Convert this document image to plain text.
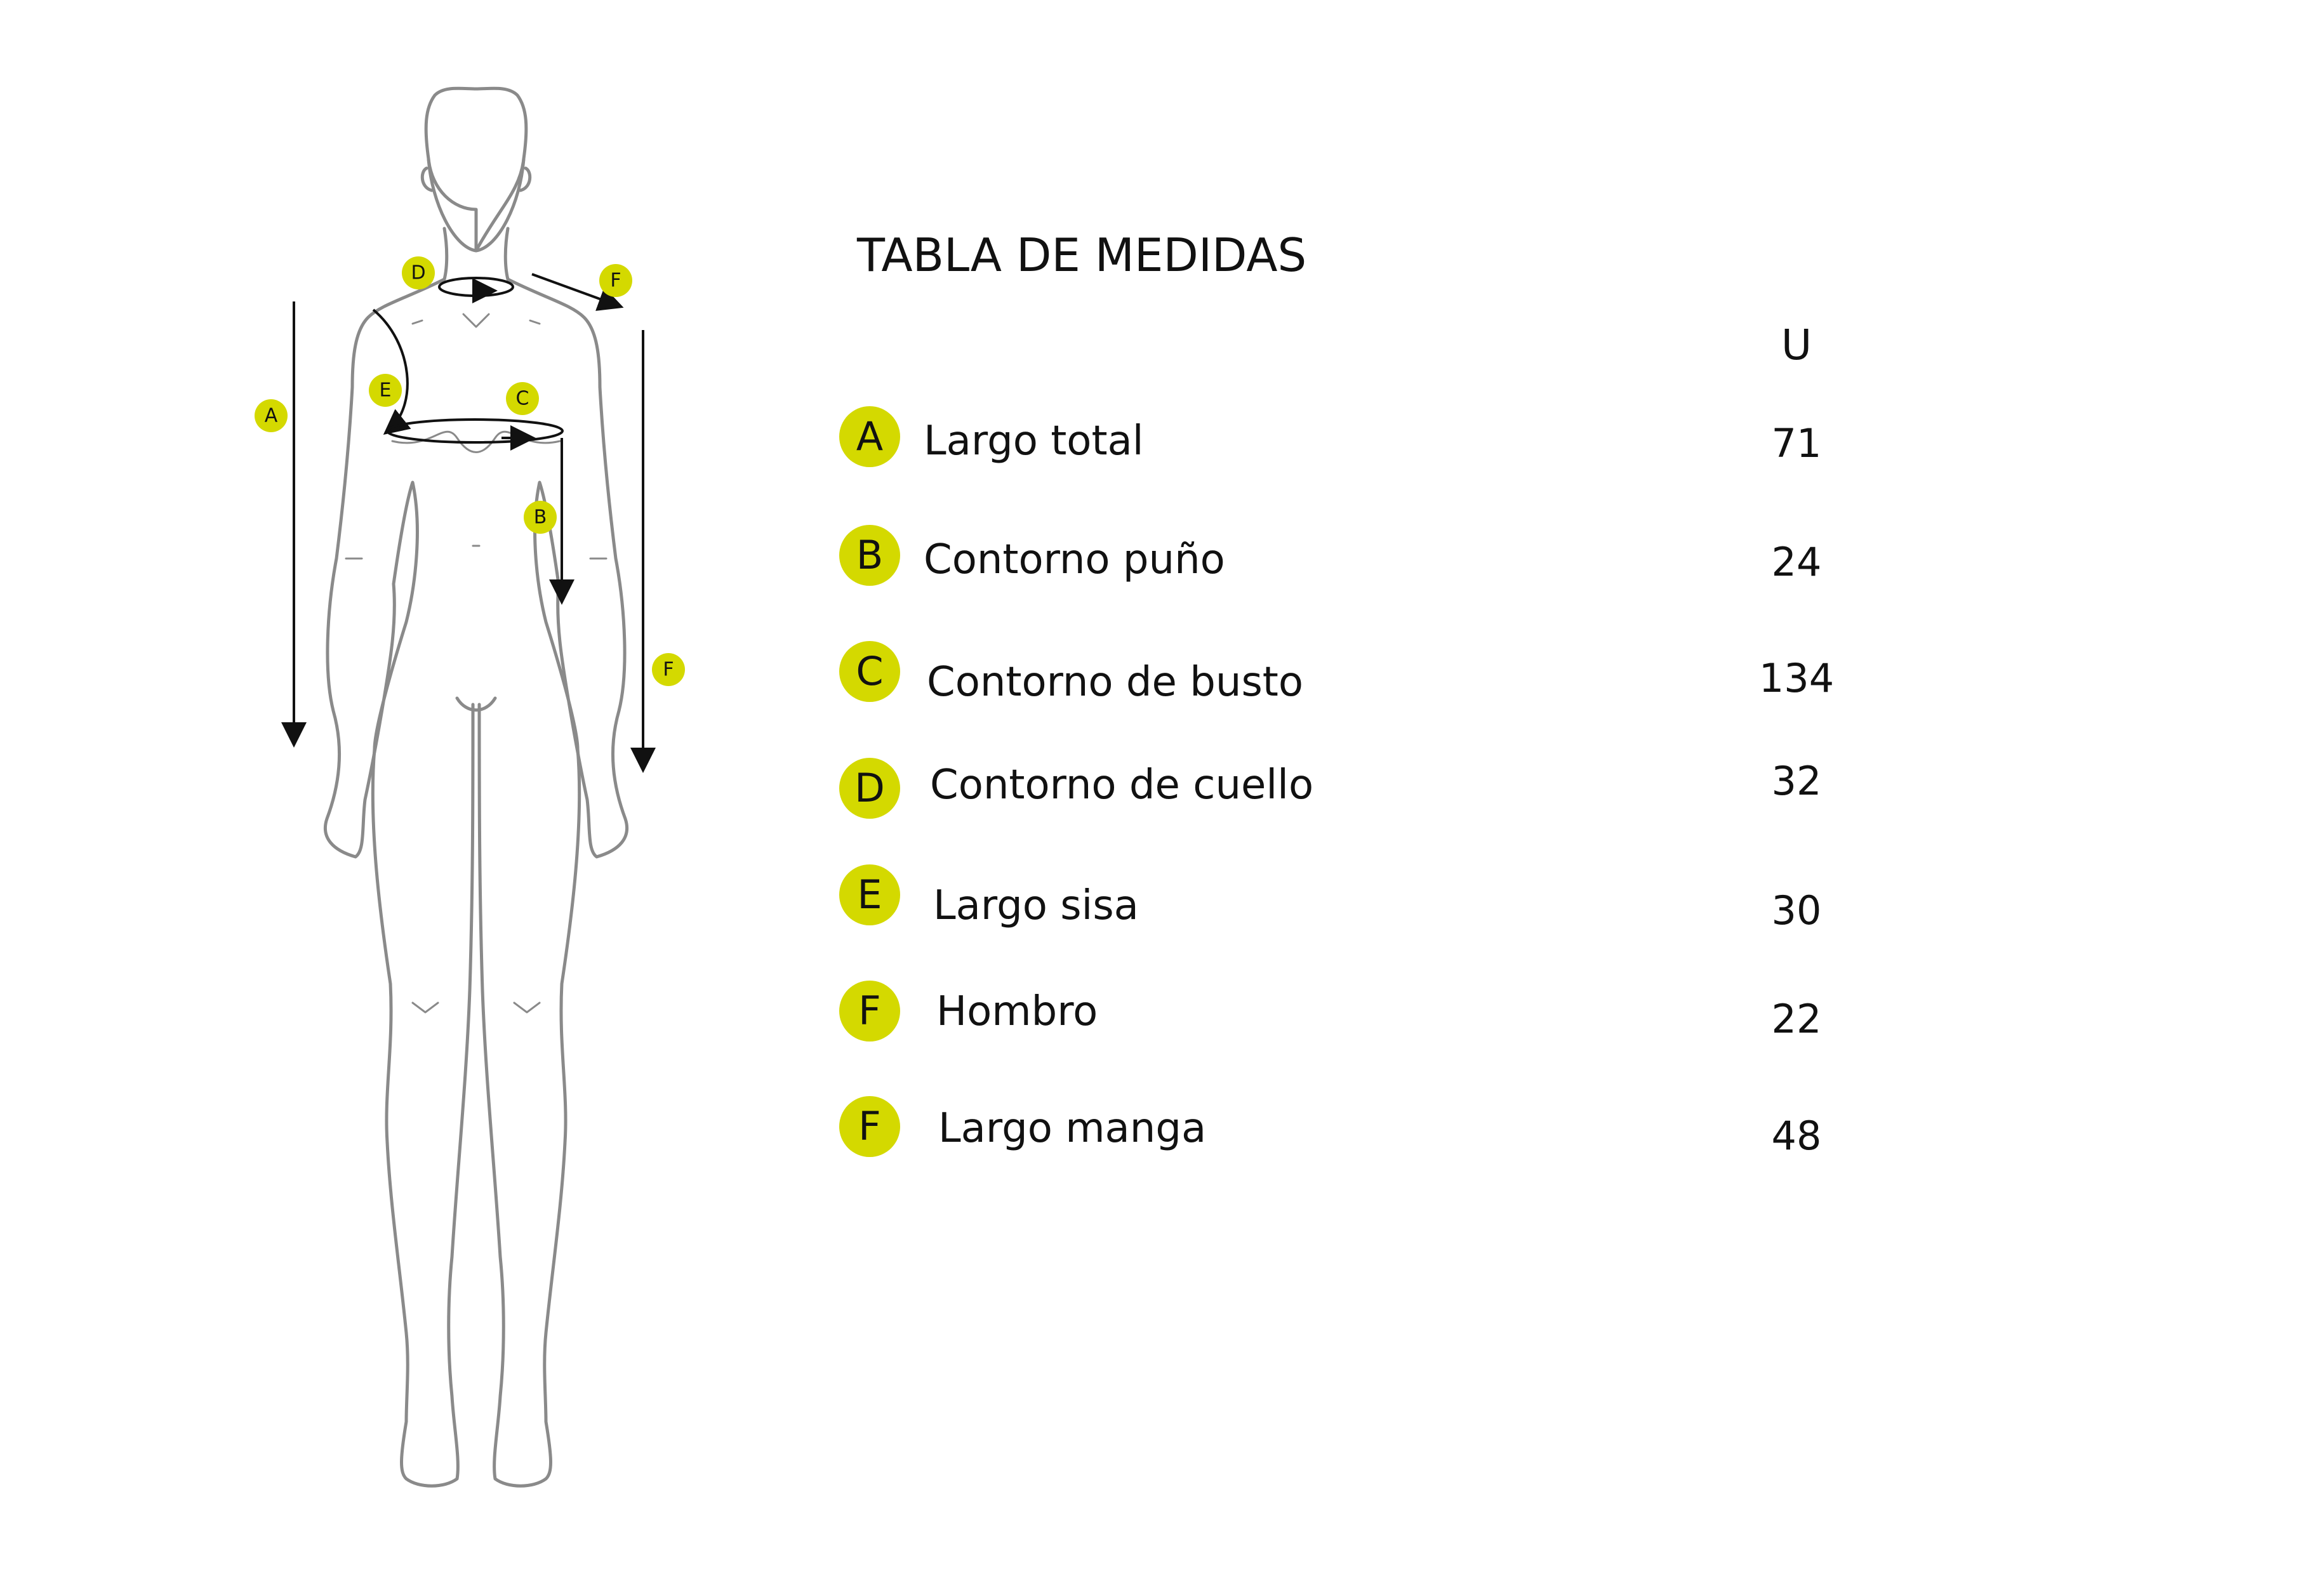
D	F
E	C
A
B
F
TABLA DE MEDIDAS
U
A Largo total	71
B Contorno puño	24
C	Contorno de busto	134
D	Contorno de cuello	32
E	Largo sisa	30
F	Hombro	22
F	Largo manga	48
